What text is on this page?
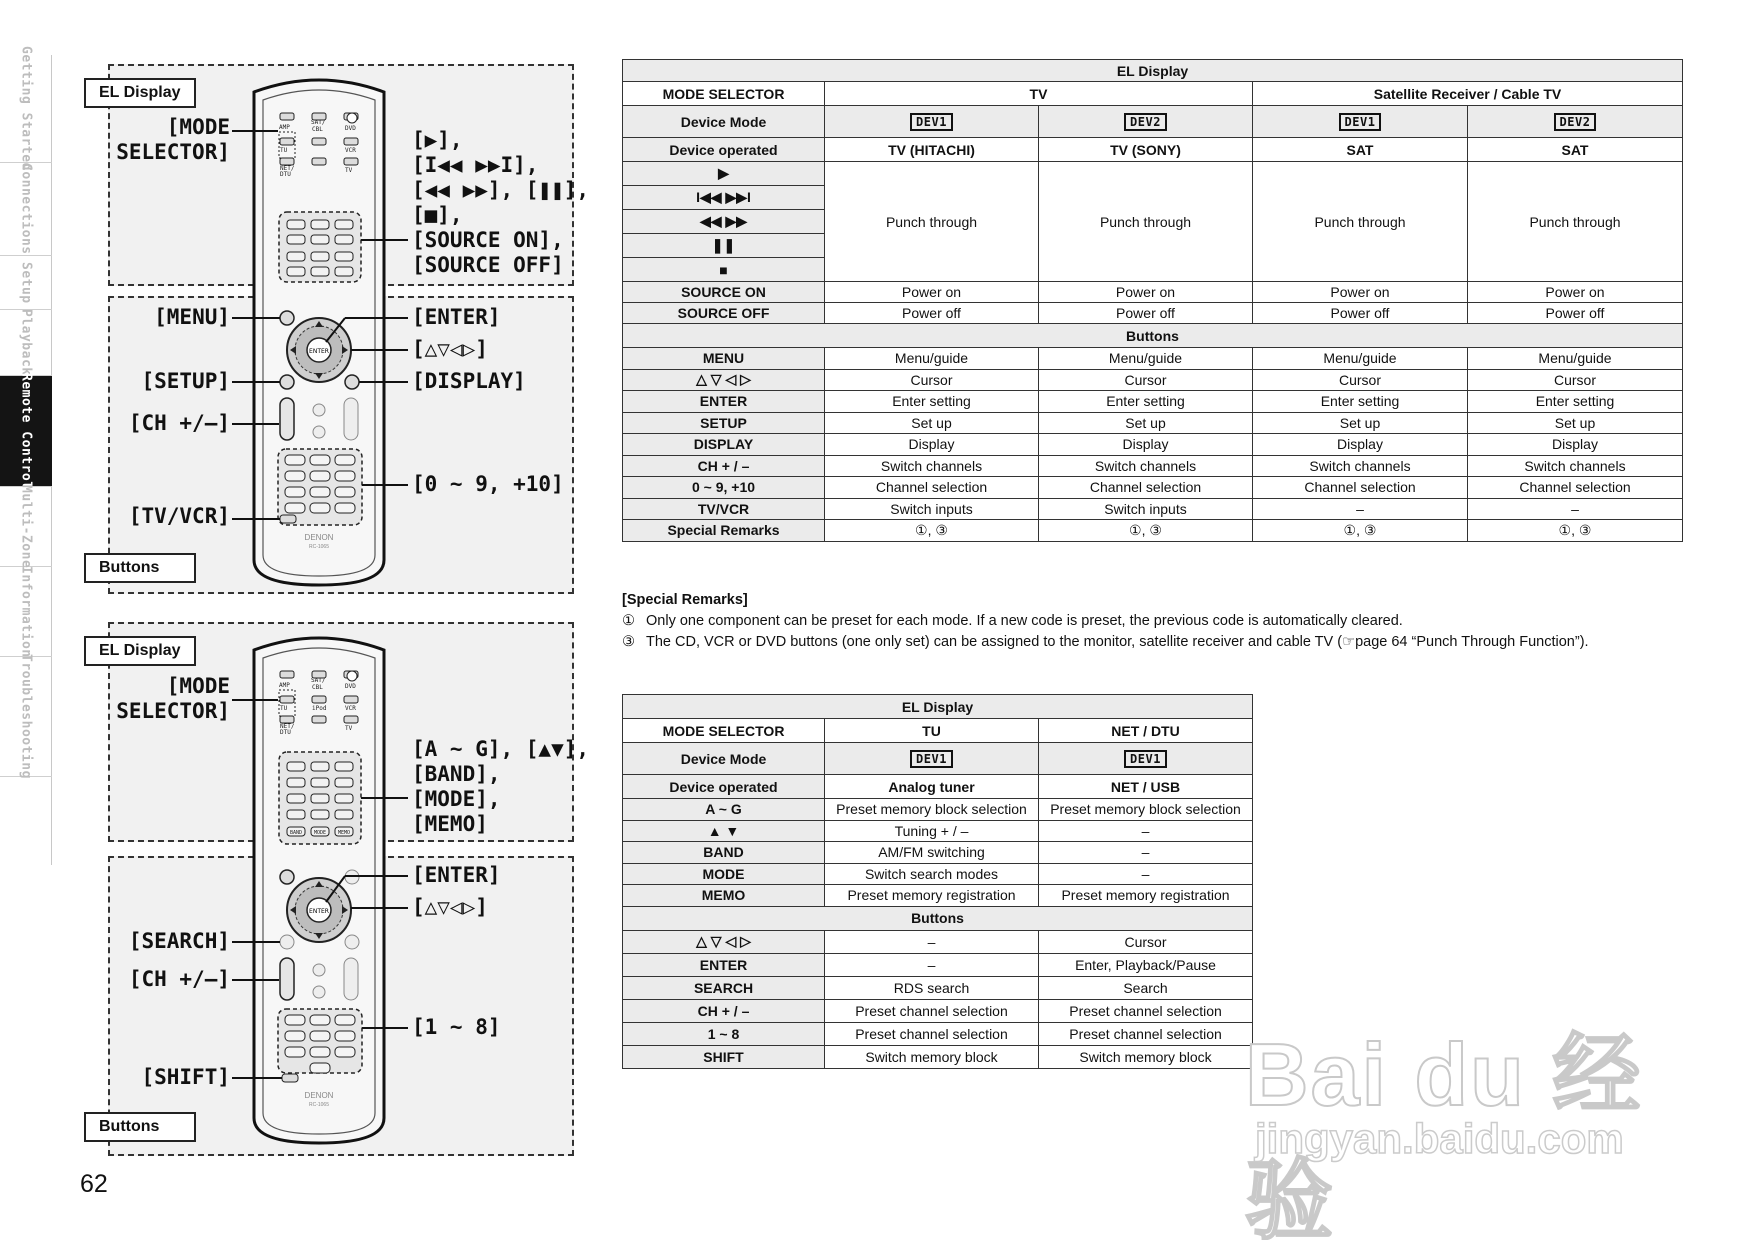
Getting Started
Connections
Setup
Playback
Remote Control
Multi-Zone
Information
Troubleshooting
EL Display
Buttons
EL Display
Buttons
AMP
SAT/
CBL	DVD
TU	VCR
NET/
DTU
TV
ENTER
DENON
RC-1065
AMP
SAT/
CBL	DVD
TU	iPod	VCR
NET/
DTU
TV
BAND MODE MEMO
ENTER
DENON
RC-1065
[MODE
SELECTOR]	[▶],
[I◀◀ ▶▶I],
[◀◀ ▶▶], [❚❚],
[■],
[SOURCE ON],
[SOURCE OFF]
[MENU]
[SETUP]
[CH +/–]
[TV/VCR]
[ENTER]
[△▽◁▷]
[DISPLAY]
[0 ~ 9, +10]
[MODE
SELECTOR]
[A ~ G], [▲▼],
[BAND],
[MODE],
[MEMO]
[SEARCH]
[CH +/–]
[SHIFT]
[ENTER]
[△▽◁▷]
[1 ~ 8]
62
EL Display				
MODE SELECTOR	TV		Satellite Receiver / Cable TV	
Device Mode	DEV1	DEV2	DEV1	DEV2
Device operated	TV (HITACHI)	TV (SONY)	SAT	SAT
▶	Punch through	Punch through	Punch through	Punch through
I◀◀ ▶▶I				
◀◀ ▶▶				
❚❚				
■				
SOURCE ON	Power on	Power on	Power on	Power on
SOURCE OFF	Power off	Power off	Power off	Power off
Buttons				
MENU	Menu/guide	Menu/guide	Menu/guide	Menu/guide
△ ▽ ◁ ▷	Cursor	Cursor	Cursor	Cursor
ENTER	Enter setting	Enter setting	Enter setting	Enter setting
SETUP	Set up	Set up	Set up	Set up
DISPLAY	Display	Display	Display	Display
CH + / –	Switch channels	Switch channels	Switch channels	Switch channels
0 ~ 9, +10	Channel selection	Channel selection	Channel selection	Channel selection
TV/VCR	Switch inputs	Switch inputs	–	–
Special Remarks	①, ③	①, ③	①, ③	①, ③
[Special Remarks]
① Only one component can be preset for each mode. If a new code is preset, the previous code is automatically cleared.
③ The CD, VCR or DVD buttons (one only set) can be assigned to the monitor, satellite receiver and cable TV (☞page 64 “Punch Through Function”).
EL Display		
MODE SELECTOR	TU	NET / DTU
Device Mode	DEV1	DEV1
Device operated	Analog tuner	NET / USB
A ~ G	Preset memory block selection	Preset memory block selection
▲ ▼	Tuning + / –	–
BAND	AM/FM switching	–
MODE	Switch search modes	–
MEMO	Preset memory registration	Preset memory registration
Buttons		
△ ▽ ◁ ▷	–	Cursor
ENTER	–	Enter, Playback/Pause
SEARCH	RDS search	Search
CH + / –	Preset channel selection	Preset channel selection
1 ~ 8	Preset channel selection	Preset channel selection
SHIFT	Switch memory block	Switch memory block Bai du 经验
jingyan.baidu.com
